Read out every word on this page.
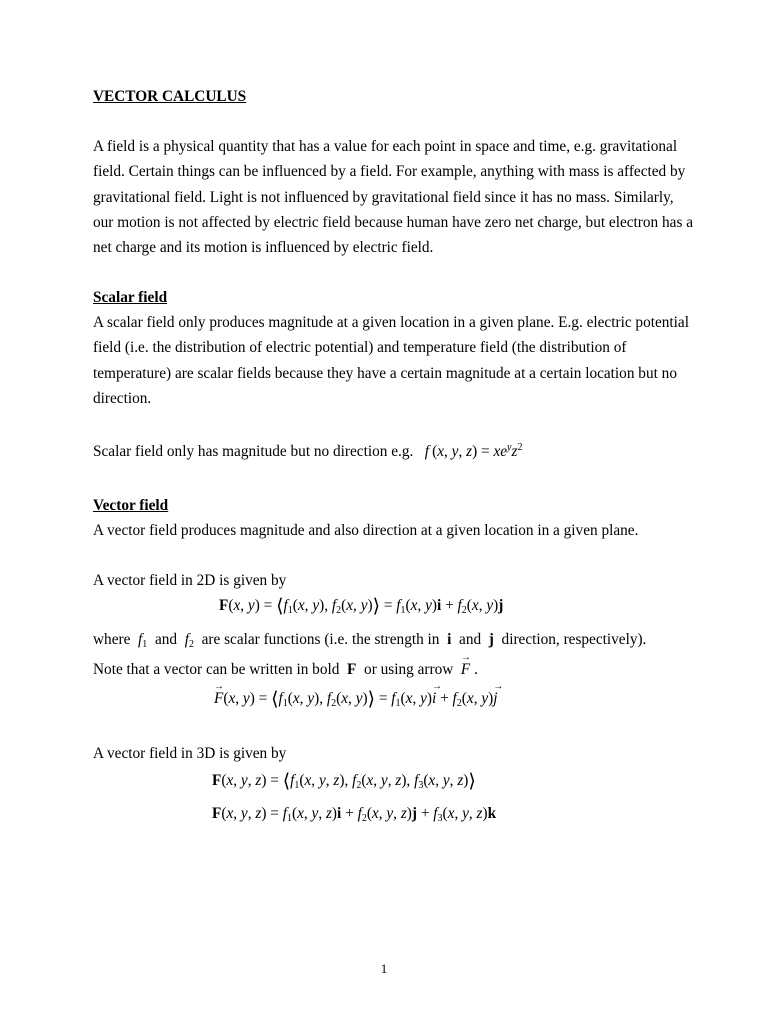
VECTOR CALCULUS
A field is a physical quantity that has a value for each point in space and time, e.g. gravitational field. Certain things can be influenced by a field. For example, anything with mass is affected by gravitational field. Light is not influenced by gravitational field since it has no mass. Similarly, our motion is not affected by electric field because human have zero net charge, but electron has a net charge and its motion is influenced by electric field.
Scalar field
A scalar field only produces magnitude at a given location in a given plane. E.g. electric potential field (i.e. the distribution of electric potential) and temperature field (the distribution of temperature) are scalar fields because they have a certain magnitude at a certain location but no direction.
Scalar field only has magnitude but no direction e.g. f (x, y, $z) = xe^yz^2$
Vector field
A vector field produces magnitude and also direction at a given location in a given plane.
A vector field in 2D is given by
F(x, $y) = ⟨f_1(x$, y), $f_2(x$, y)⟩ = $f_1(x$, $y)i + f_2(x$, y)j
where $f_1$ and $f_2$ are scalar functions (i.e. the strength in i and j direction, respectively).
Note that a vector can be written in bold F or using arrow  → F .
→ F(x, $y) = ⟨f_1(x$, y), $f_2(x$, y)⟩ = $f_1(x$, $y)\to i + f_2(x$, y)→ j
A vector field in 3D is given by
F(x, y, $z) = ⟨f_1(x$, y, z), $f_2(x$, y, z), $f_3(x$, y, z)⟩
F(x, y, $z) = f_1(x$, y, $z)i + f_2(x$, y, $z)j + f_3(x$, y, z)k
1
